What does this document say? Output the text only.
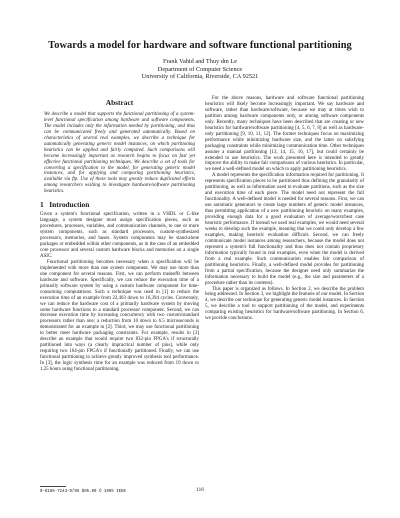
Towards a model for hardware and software functional partitioning
Frank Vahid and Thuy dm Le
Department of Computer Science
University of California, Riverside, CA 92521
Abstract

We describe a model that supports the functional partitioning of a system-level functional specification among hardware and software components. The model includes only the information needed by partitioning, and thus can be communicated freely and generated automatically. Based on characteristics of several real examples, we describe a technique for automatically generating generic model instances, on which partitioning heuristics can be applied and fairly compared. Such comparisons will become increasingly important as research begins to focus on fast yet effective functional partitioning techniques. We describe a set of tools for converting a specification to the model, for generating generic model instances, and for applying and comparing partitioning heuristics, available via ftp. Use of these tools may greatly reduce duplicated efforts among researchers wishing to investigate hardware/software partitioning heuristics.

1 Introduction

Given a system's functional specification, written in a VHDL or C-like language, a system designer must assign specification pieces, such as procedures, processes, variables, and communication channels, to one or more system components, such as standard processors, custom-synthesized processors, memories, and buses. System components may be stand-alone packages or embedded within other components, as in the case of an embedded core processor and several custom hardware blocks and memories on a single ASIC.

Functional partitioning becomes necessary when a specification will be implemented with more than one system component. We may use more than one component for several reasons. First, we can perform tradeoffs between hardware and software. Specifically, we can reduce the execution time of a primarily software system by using a custom hardware component for time-consuming computations. Such a technique was used in [1] to reduce the execution time of an example from 22,403 down to 16,394 cycles. Conversely, we can reduce the hardware cost of a primarily hardware system by moving some hardware functions to a standard processor component. Second, we can decrease execution time by increasing concurrency with two custom/standard processors rather than one; a reduction from 10 down to 6.5 microseconds is demonstrated for an example in [2]. Third, we may use functional partitioning to better meet hardware packaging constraints. For example, results in [3] describe an example that would require two 832-pin FPGA's if structurally partitioned into ways (a clearly impractical number of pins), while only requiring two 164-pin FPGA's if functionally partitioned. Finally, we can use functional partitioning to achieve greatly improved synthesis tool performance. In [3], the logic synthesis time for an example was reduced from 19 down to 1.25 hours using functional partitioning.

For the above reasons, hardware and software functional partitioning heuristics will likely become increasingly important. We say hardware and software, rather than hardware/software, because we may at times wish to partition among hardware components only, or among software components only. Recently, many techniques have been described that are creating or new heuristics for hardware/software partitioning [4, 5, 6, 7, 8] as well as hardware-only partitioning [9, 10, 11, 12]. The former techniques focus on maximizing performance while minimizing hardware size, and the latter on satisfying packaging constraints while minimizing communication time. Other techniques assume a manual partitioning [13, 14, 15, 16, 17], but could certainly be extended to use heuristics. The work presented here is intended to greatly improve the ability to make fair comparisons of various heuristics. In particular, we need a well-defined model on which to apply partitioning heuristics.

A model represents the specification information required for partitioning. It represents specification pieces to be partitioned thus defining the granularity of partitioning, as well as information used to evaluate partitions, such as the size and execution time of each piece. The model need not represent the full functionality. A well-defined model is needed for several reasons. First, we can use automatic generators to create large numbers of generic model instances, thus permitting application of a new partitioning heuristic on many examples, providing enough data for a good evaluation of average/worst/best case heuristic performance. If instead we used real examples, we would need several weeks to develop such the example, meaning that we could only develop a few examples, making heuristic evaluation difficult. Second, we can freely communicate model instances among researchers, because the model does not represent a system's full functionality and thus does not contain proprietary information typically found in real examples, even when the model is derived from a real example. Such communication enables fair comparison of partitioning heuristics. Finally, a well-defined model provides for partitioning from a partial specification, because the designer need only summarize the information necessary to build the model (e.g., the size and parameters of a procedure rather than its contents).

This paper is organized as follows. In Section 2, we describe the problem being addressed. In Section 3, we highlight the features of our model. In Section 4, we describe our technique for generating generic model instances. In Section 5, we describe a tool to support partitioning of the model, and experiments comparing existing heuristics for hardware/software partitioning. In Section 6, we provide conclusions.

0-8186-7243-9/95 $05.00 © 1995 IEEE	116
